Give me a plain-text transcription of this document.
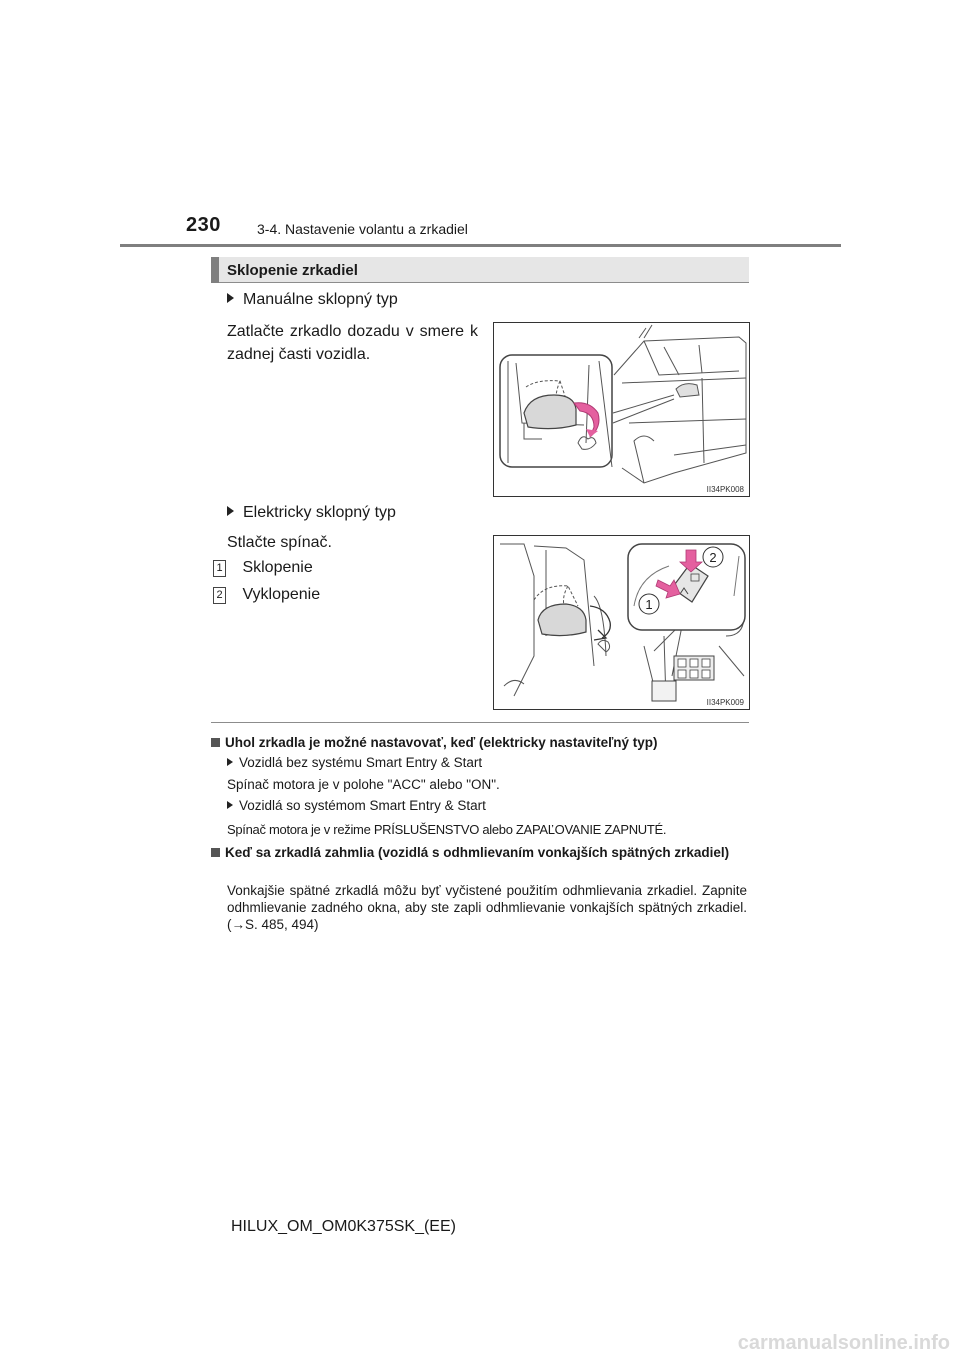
230	3-4. Nastavenie volantu a zrkadiel
Sklopenie zrkadiel
Manuálne sklopný typ
Zatlačte zrkadlo dozadu v smere k zadnej časti vozidla.
II34PK008
Elektricky sklopný typ
Stlačte spínač.
1 Sklopenie
2 Vyklopenie
2
1
II34PK009
Uhol zrkadla je možné nastavovať, keď (elektricky nastaviteľný typ)
Vozidlá bez systému Smart Entry & Start
Spínač motora je v polohe "ACC" alebo "ON".
Vozidlá so systémom Smart Entry & Start
Spínač motora je v režime PRÍSLUŠENSTVO alebo ZAPAĽOVANIE ZAPNUTÉ.
Keď sa zrkadlá zahmlia (vozidlá s odhmlievaním vonkajších spätných zrkadiel)
Vonkajšie spätné zrkadlá môžu byť vyčistené použitím odhmlievania zrkadiel. Zapnite odhmlievanie zadného okna, aby ste zapli odhmlievanie vonkajších spätných zrkadiel. (→S. 485, 494)
HILUX_OM_OM0K375SK_(EE)
carmanualsonline.info
